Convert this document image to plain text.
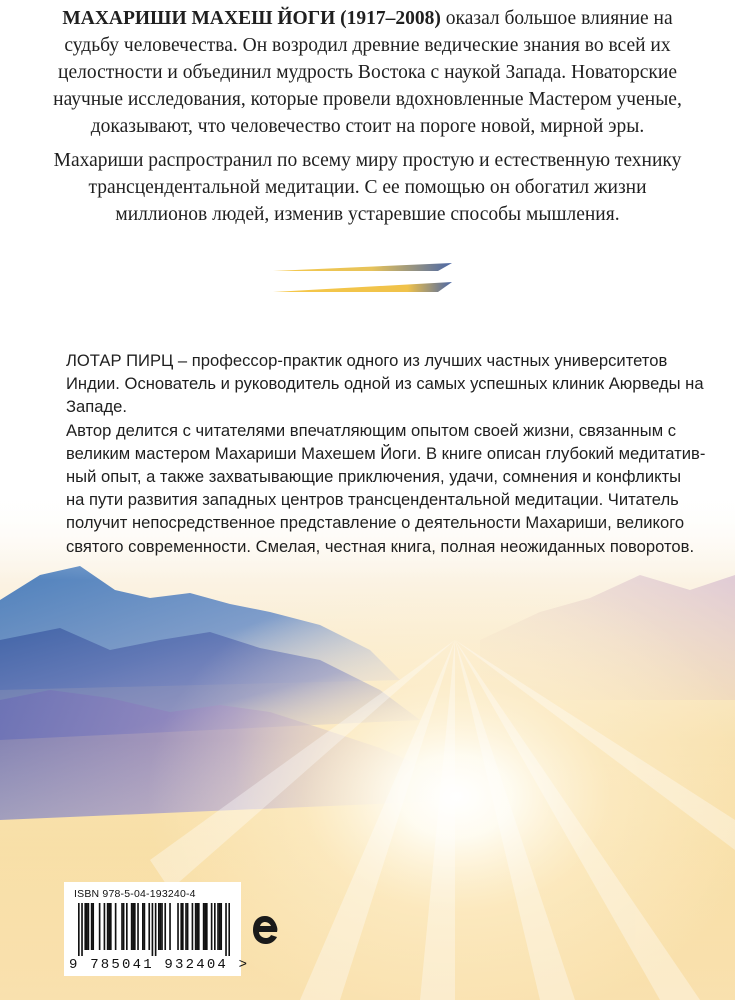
МАХАРИШИ МАХЕШ ЙОГИ (1917–2008) оказал большое влияние на
судьбу человечества. Он возродил древние ведические знания во всей их
целостности и объединил мудрость Востока с наукой Запада. Новаторские
научные исследования, которые провели вдохновленные Мастером ученые,
доказывают, что человечество стоит на пороге новой, мирной эры.

Махариши распространил по всему миру простую и естественную технику
трансцендентальной медитации. С ее помощью он обогатил жизни
миллионов людей, изменив устаревшие способы мышления.

ЛОТАР ПИРЦ – профессор-практик одного из лучших частных университетов
Индии. Основатель и руководитель одной из самых успешных клиник Аюрведы на
Западе.
Автор делится с читателями впечатляющим опытом своей жизни, связанным с
великим мастером Махариши Махешем Йоги. В книге описан глубокий медитатив-
ный опыт, а также захватывающие приключения, удачи, сомнения и конфликты
на пути развития западных центров трансцендентальной медитации. Читатель
получит непосредственное представление о деятельности Махариши, великого
святого современности. Смелая, честная книга, полная неожиданных поворотов.
ISBN 978-5-04-193240-4
9 785041 932404 >
